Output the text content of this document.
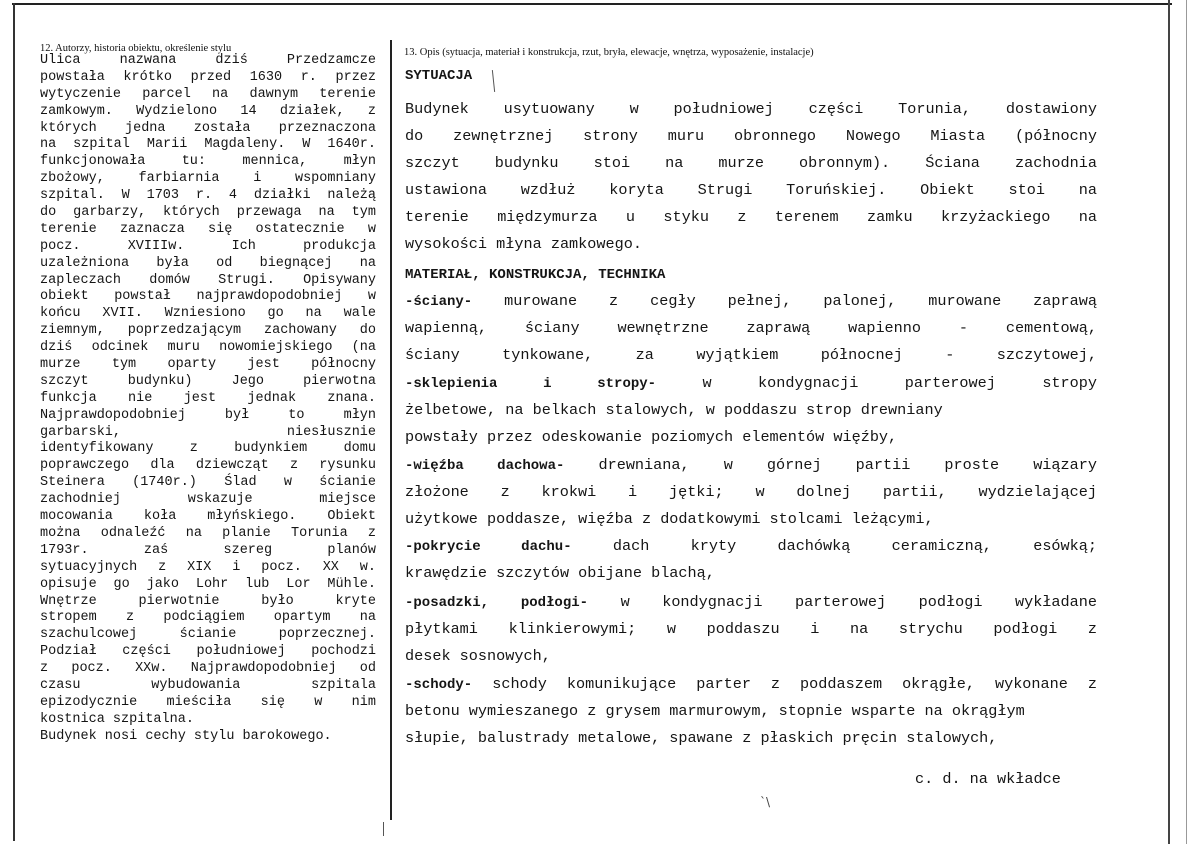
12. Autorzy, historia obiektu, określenie stylu	13. Opis (sytuacja, materiał i konstrukcja, rzut, bryła, elewacje, wnętrza, wyposażenie, instalacje)
Ulica nazwana dziś Przedzamcze
powstała krótko przed 1630 r. przez
wytyczenie parcel na dawnym terenie
zamkowym. Wydzielono 14 działek, z
których jedna została przeznaczona
na szpital Marii Magdaleny. W 1640r.
funkcjonowała tu: mennica, młyn
zbożowy, farbiarnia i wspomniany
szpital. W 1703 r. 4 działki należą
do garbarzy, których przewaga na tym
terenie zaznacza się ostatecznie w
pocz. XVIIIw. Ich produkcja
uzależniona była od biegnącej na
zapleczach domów Strugi. Opisywany
obiekt powstał najprawdopodobniej w
końcu XVII. Wzniesiono go na wale
ziemnym, poprzedzającym zachowany do
dziś odcinek muru nowomiejskiego (na
murze tym oparty jest północny
szczyt budynku) Jego pierwotna
funkcja nie jest jednak znana.
Najprawdopodobniej był to młyn
garbarski, niesłusznie
identyfikowany z budynkiem domu
poprawczego dla dziewcząt z rysunku
Steinera (1740r.) Ślad w ścianie
zachodniej wskazuje miejsce
mocowania koła młyńskiego. Obiekt
można odnaleźć na planie Torunia z
1793r. zaś szereg planów
sytuacyjnych z XIX i pocz. XX w.
opisuje go jako Lohr lub Lor Mühle.
Wnętrze pierwotnie było kryte
stropem z podciągiem opartym na
szachulcowej ścianie poprzecznej.
Podział części południowej pochodzi
z pocz. XXw. Najprawdopodobniej od
czasu wybudowania szpitala
epizodycznie mieściła się w nim
kostnica szpitalna.
Budynek nosi cechy stylu barokowego.
SYTUACJA
Budynek usytuowany w południowej części Torunia, dostawiony
do zewnętrznej strony muru obronnego Nowego Miasta (północny
szczyt budynku stoi na murze obronnym). Ściana zachodnia
ustawiona wzdłuż koryta Strugi Toruńskiej. Obiekt stoi na
terenie międzymurza u styku z terenem zamku krzyżackiego na
wysokości młyna zamkowego.
MATERIAŁ, KONSTRUKCJA, TECHNIKA
-ściany- murowane z cegły pełnej, palonej, murowane zaprawą
wapienną, ściany wewnętrzne zaprawą wapienno - cementową,
ściany tynkowane, za wyjątkiem północnej - szczytowej,
-sklepienia i stropy- w kondygnacji parterowej stropy
żelbetowe, na belkach stalowych, w poddaszu strop drewniany
powstały przez odeskowanie poziomych elementów więźby,
-więźba dachowa- drewniana, w górnej partii proste wiązary
złożone z krokwi i jętki; w dolnej partii, wydzielającej
użytkowe poddasze, więźba z dodatkowymi stolcami leżącymi,
-pokrycie dachu- dach kryty dachówką ceramiczną, esówką;
krawędzie szczytów obijane blachą,
-posadzki, podłogi- w kondygnacji parterowej podłogi wykładane
płytkami klinkierowymi; w poddaszu i na strychu podłogi z
desek sosnowych,
-schody- schody komunikujące parter z poddaszem okrągłe, wykonane z
betonu wymieszanego z grysem marmurowym, stopnie wsparte na okrągłym
słupie, balustrady metalowe, spawane z płaskich pręcin stalowych,
c. d. na wkładce
`\
